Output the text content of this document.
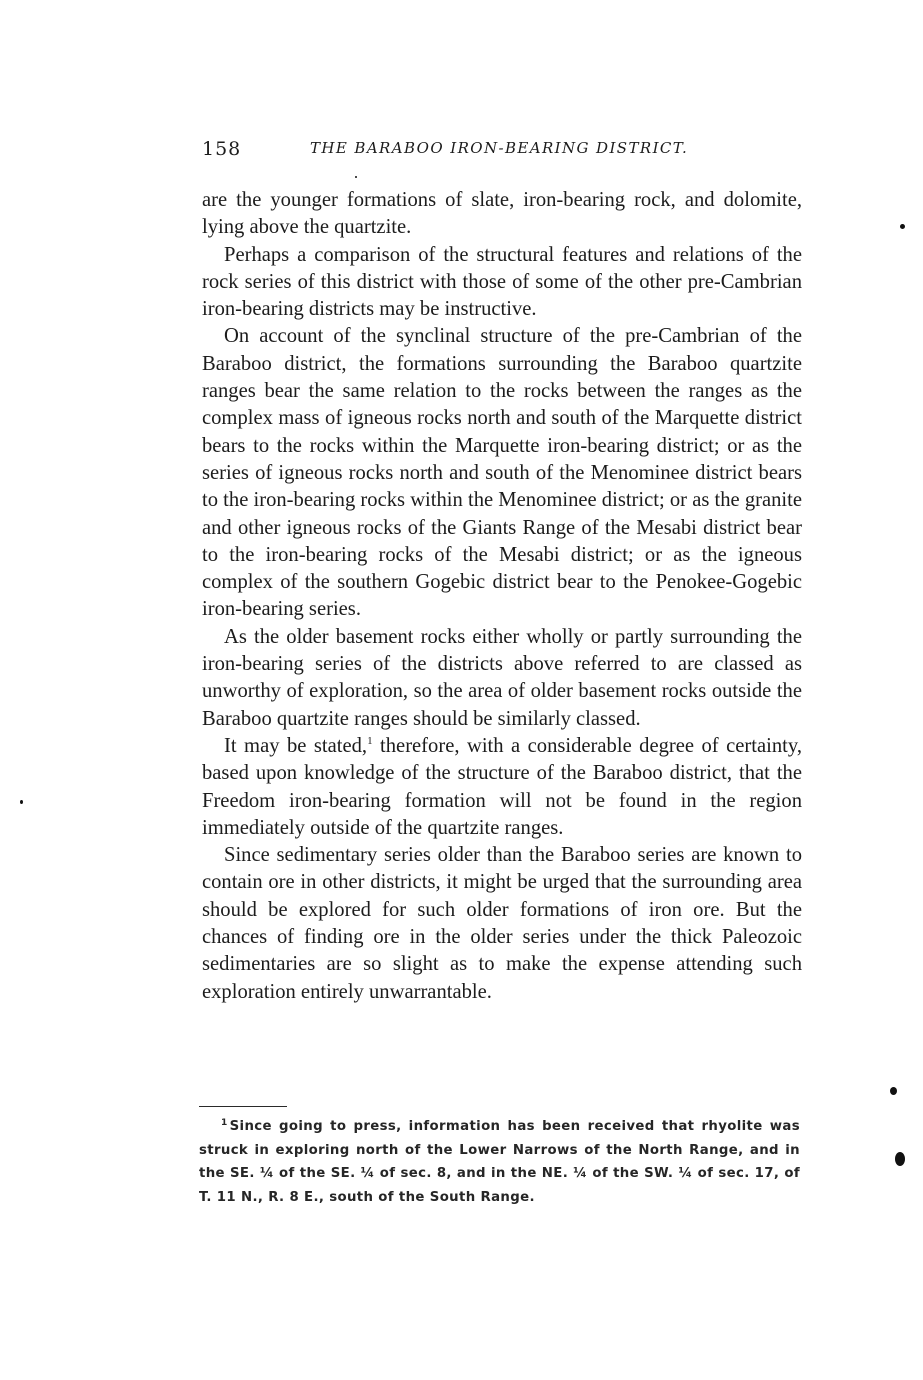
158	THE BARABOO IRON-BEARING DISTRICT.

are the younger formations of slate, iron-bearing rock, and dolomite, lying above the quartzite.

Perhaps a comparison of the structural features and relations of the rock series of this district with those of some of the other pre-Cambrian iron-bearing districts may be instructive.

On account of the synclinal structure of the pre-Cambrian of the Baraboo district, the formations surrounding the Baraboo quartzite ranges bear the same relation to the rocks between the ranges as the complex mass of igneous rocks north and south of the Marquette district bears to the rocks within the Marquette iron-bearing district; or as the series of igneous rocks north and south of the Menominee district bears to the iron-bearing rocks within the Menominee district; or as the granite and other igneous rocks of the Giants Range of the Mesabi district bear to the iron-bearing rocks of the Mesabi district; or as the igneous complex of the southern Gogebic district bear to the Penokee-Gogebic iron-bearing series.

As the older basement rocks either wholly or partly surrounding the iron-bearing series of the districts above referred to are classed as unworthy of exploration, so the area of older basement rocks outside the Baraboo quartzite ranges should be similarly classed.

It may be stated,$^1$ therefore, with a considerable degree of certainty, based upon knowledge of the structure of the Baraboo district, that the Freedom iron-bearing formation will not be found in the region immediately outside of the quartzite ranges.

Since sedimentary series older than the Baraboo series are known to contain ore in other districts, it might be urged that the surrounding area should be explored for such older formations of iron ore. But the chances of finding ore in the older series under the thick Paleozoic sedimentaries are so slight as to make the expense attending such exploration entirely unwarrantable.

$^1$ Since going to press, information has been received that rhyolite was struck in exploring north of the Lower Narrows of the North Range, and in the SE. ¼ of the SE. ¼ of sec. 8, and in the NE. ¼ of the SW. ¼ of sec. 17, of T. 11 N., R. 8 E., south of the South Range.
